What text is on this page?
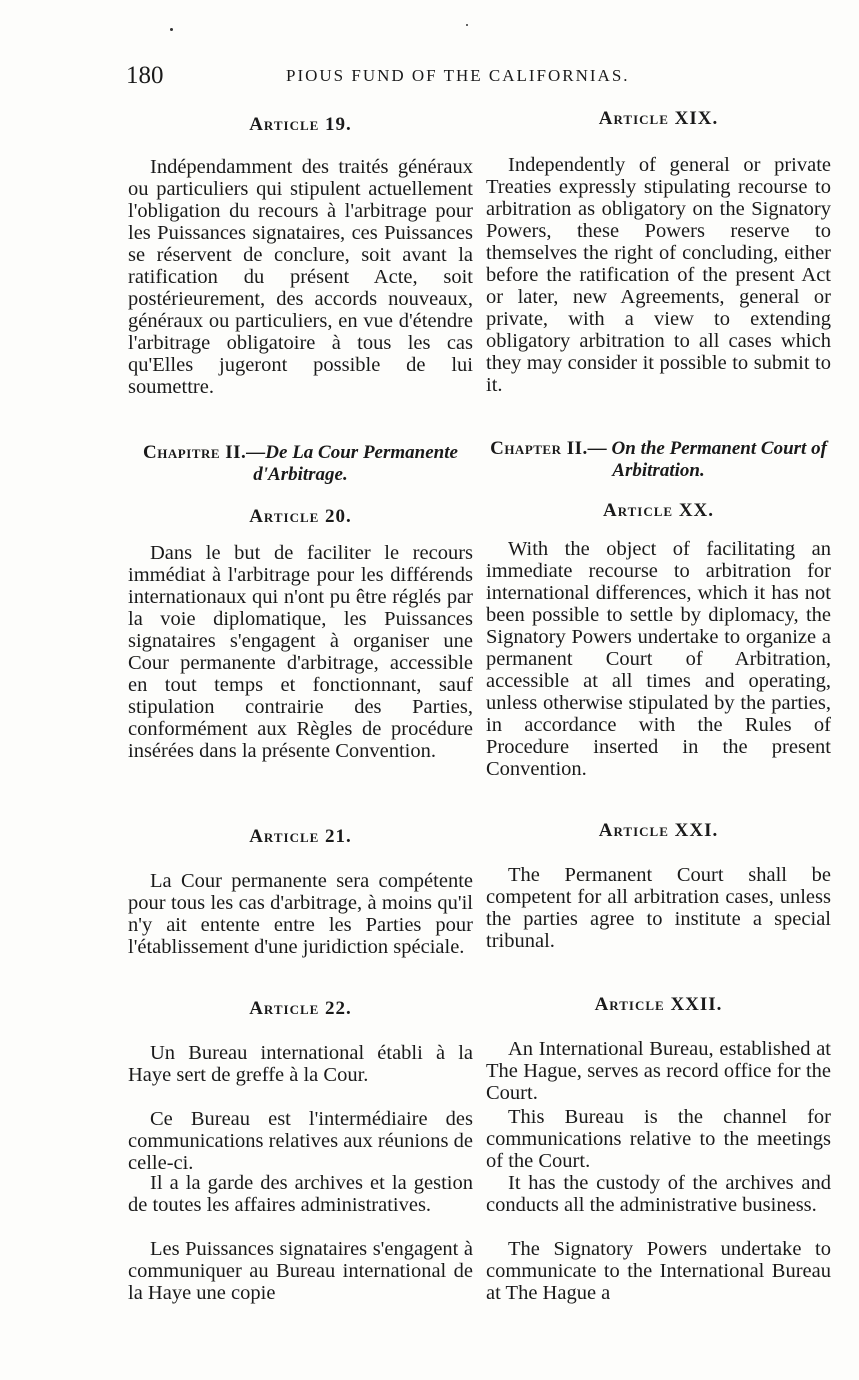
180	PIOUS FUND OF THE CALIFORNIAS.
Article 19.

Indépendamment des traités généraux ou particuliers qui stipulent actuellement l'obligation du recours à l'arbitrage pour les Puissances signataires, ces Puissances se réservent de conclure, soit avant la ratification du présent Acte, soit postérieurement, des accords nouveaux, généraux ou particuliers, en vue d'étendre l'arbitrage obligatoire à tous les cas qu'Elles jugeront possible de lui soumettre.

Chapitre II.—De La Cour Permanente d'Arbitrage.
Article 20.

Dans le but de faciliter le recours immédiat à l'arbitrage pour les différends internationaux qui n'ont pu être réglés par la voie diplomatique, les Puissances signataires s'engagent à organiser une Cour permanente d'arbitrage, accessible en tout temps et fonctionnant, sauf stipulation contrairie des Parties, conformément aux Règles de procédure insérées dans la présente Convention.

Article 21.

La Cour permanente sera compétente pour tous les cas d'arbitrage, à moins qu'il n'y ait entente entre les Parties pour l'établissement d'une juridiction spéciale.

Article 22.

Un Bureau international établi à la Haye sert de greffe à la Cour.

Ce Bureau est l'intermédiaire des communications relatives aux réunions de celle-ci.

Il a la garde des archives et la gestion de toutes les affaires administratives.

Les Puissances signataires s'engagent à communiquer au Bureau international de la Haye une copie

Article XIX.

Independently of general or private Treaties expressly stipulating recourse to arbitration as obligatory on the Signatory Powers, these Powers reserve to themselves the right of concluding, either before the ratification of the present Act or later, new Agreements, general or private, with a view to extending obligatory arbitration to all cases which they may consider it possible to submit to it.

Chapter II.— On the Permanent Court of Arbitration.
Article XX.

With the object of facilitating an immediate recourse to arbitration for international differences, which it has not been possible to settle by diplomacy, the Signatory Powers undertake to organize a permanent Court of Arbitration, accessible at all times and operating, unless otherwise stipulated by the parties, in accordance with the Rules of Procedure inserted in the present Convention.

Article XXI.

The Permanent Court shall be competent for all arbitration cases, unless the parties agree to institute a special tribunal.

Article XXII.

An International Bureau, established at The Hague, serves as record office for the Court.

This Bureau is the channel for communications relative to the meetings of the Court.

It has the custody of the archives and conducts all the administrative business.

The Signatory Powers undertake to communicate to the International Bureau at The Hague a
